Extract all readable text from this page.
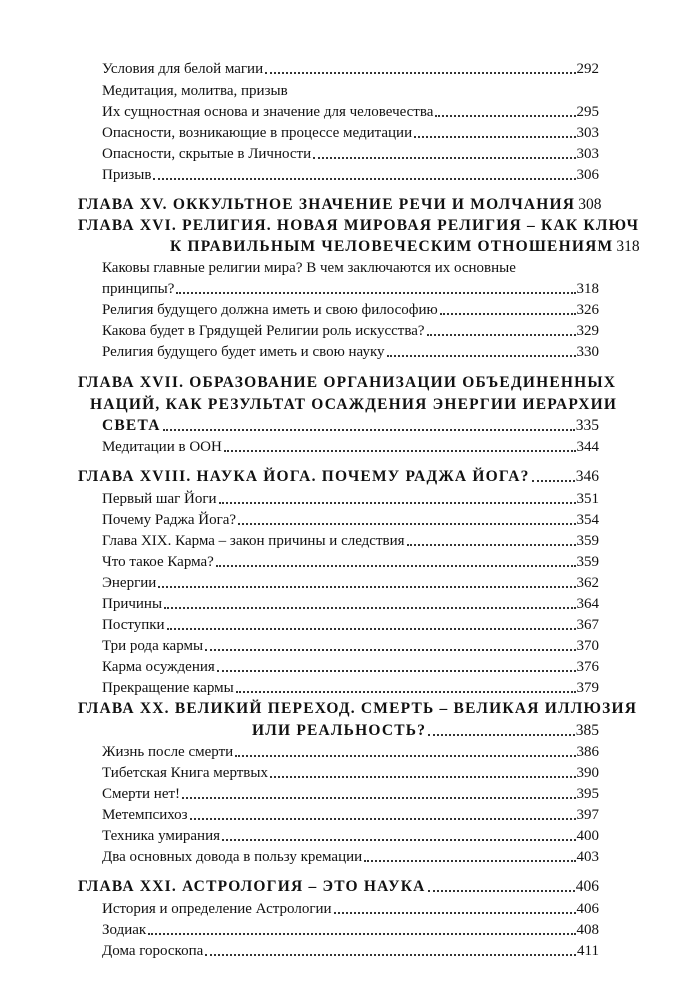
Условия для белой магии	292
Медитация, молитва, призыв
Их сущностная основа и значение для человечества	295
Опасности, возникающие в процессе медитации	303
Опасности, скрытые в Личности	303
Призыв	306
ГЛАВА XV. ОККУЛЬТНОЕ ЗНАЧЕНИЕ РЕЧИ И МОЛЧАНИЯ 308
ГЛАВА XVI. РЕЛИГИЯ. НОВАЯ МИРОВАЯ РЕЛИГИЯ – КАК КЛЮЧ
К ПРАВИЛЬНЫМ ЧЕЛОВЕЧЕСКИМ ОТНОШЕНИЯМ 318
Каковы главные религии мира? В чем заключаются их основные
принципы?	318
Религия будущего должна иметь и свою философию	326
Какова будет в Грядущей Религии роль искусства?	329
Религия будущего будет иметь и свою науку	330
ГЛАВА XVII. ОБРАЗОВАНИЕ ОРГАНИЗАЦИИ ОБЪЕДИНЕННЫХ
НАЦИЙ, КАК РЕЗУЛЬТАТ ОСАЖДЕНИЯ ЭНЕРГИИ ИЕРАРХИИ
СВЕТА	335
Медитации в ООН	344
ГЛАВА XVIII. НАУКА ЙОГА. ПОЧЕМУ РАДЖА ЙОГА?	346
Первый шаг Йоги	351
Почему Раджа Йога?	354
Глава XIX. Карма – закон причины и следствия	359
Что такое Карма?	359
Энергии	362
Причины	364
Поступки	367
Три рода кармы	370
Карма осуждения	376
Прекращение кармы	379
ГЛАВА XX. ВЕЛИКИЙ ПЕРЕХОД. СМЕРТЬ – ВЕЛИКАЯ ИЛЛЮЗИЯ
ИЛИ РЕАЛЬНОСТЬ?	385
Жизнь после смерти	386
Тибетская Книга мертвых	390
Смерти нет!	395
Метемпсихоз	397
Техника умирания	400
Два основных довода в пользу кремации	403
ГЛАВА XXI. АСТРОЛОГИЯ – ЭТО НАУКА	406
История и определение Астрологии	406
Зодиак	408
Дома гороскопа	411
